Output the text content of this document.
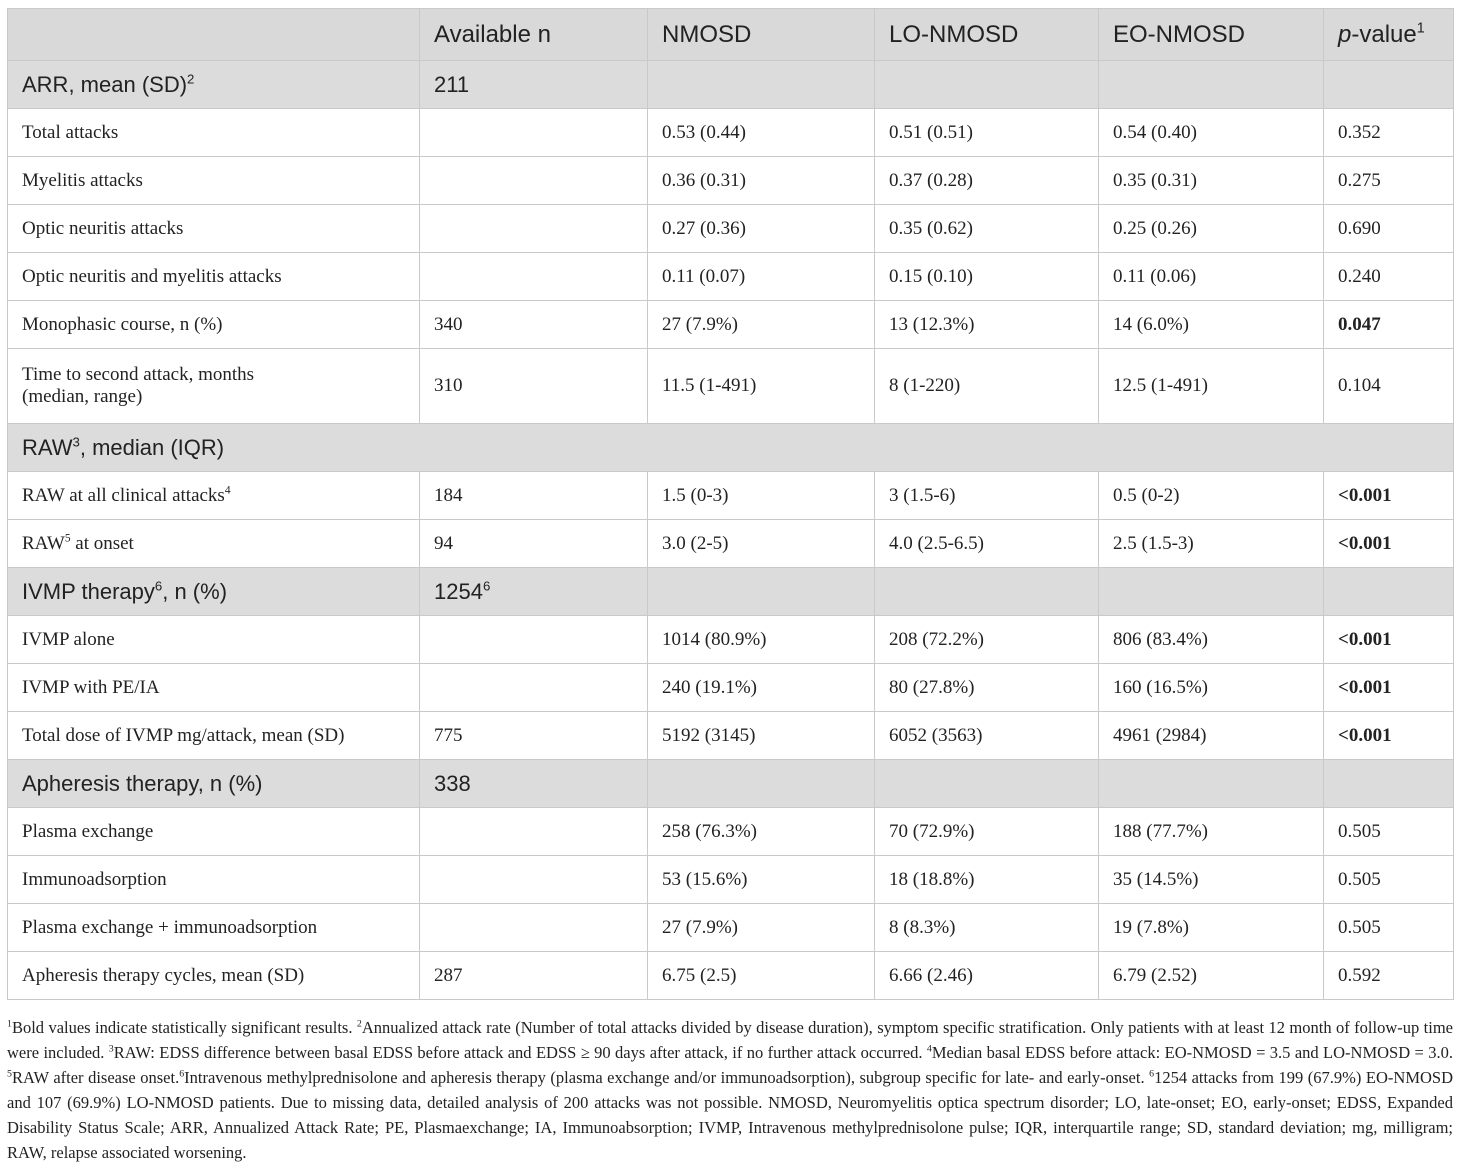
	Available n	NMOSD	LO-NMOSD	EO-NMOSD	p-value$^1$
ARR, mean (SD)$^2$	211				
Total attacks		0.53 (0.44)	0.51 (0.51)	0.54 (0.40)	0.352
Myelitis attacks		0.36 (0.31)	0.37 (0.28)	0.35 (0.31)	0.275
Optic neuritis attacks		0.27 (0.36)	0.35 (0.62)	0.25 (0.26)	0.690
Optic neuritis and myelitis attacks		0.11 (0.07)	0.15 (0.10)	0.11 (0.06)	0.240
Monophasic course, n (%)	340	27 (7.9%)	13 (12.3%)	14 (6.0%)	0.047

Time to second attack, months
(median, range)	310	11.5 (1-491)	8 (1-220)	12.5 (1-491)	0.104
RAW$^3$, median (IQR)					
RAW at all clinical attacks$^4$	184	1.5 (0-3)	3 (1.5-6)	0.5 (0-2)	<0.001
RAW$^5$ at onset	94	3.0 (2-5)	4.0 (2.5-6.5)	2.5 (1.5-3)	<0.001
IVMP therapy$^6$, n (%)	1254$^6$				
IVMP alone		1014 (80.9%)	208 (72.2%)	806 (83.4%)	<0.001
IVMP with PE/IA		240 (19.1%)	80 (27.8%)	160 (16.5%)	<0.001
Total dose of IVMP mg/attack, mean (SD)	775	5192 (3145)	6052 (3563)	4961 (2984)	<0.001
Apheresis therapy, n (%)	338				
Plasma exchange		258 (76.3%)	70 (72.9%)	188 (77.7%)	0.505
Immunoadsorption		53 (15.6%)	18 (18.8%)	35 (14.5%)	0.505
Plasma exchange + immunoadsorption		27 (7.9%)	8 (8.3%)	19 (7.8%)	0.505
Apheresis therapy cycles, mean (SD)	287	6.75 (2.5)	6.66 (2.46)	6.79 (2.52)	0.592
$^1$Bold values indicate statistically significant results. $^2$Annualized attack rate (Number of total attacks divided by disease duration), symptom specific stratification. Only patients with at least 12 month of follow-up time were included. $^3$RAW: EDSS difference between basal EDSS before attack and EDSS ≥ 90 days after attack, if no further attack occurred. $^4$Median basal EDSS before attack: EO-NMOSD = 3.5 and LO-NMOSD = 3.0. $^5$RAW after disease onset.$^6$Intravenous methylprednisolone and apheresis therapy (plasma exchange and/or immunoadsorption), subgroup specific for late- and early-onset. $^6$1254 attacks from 199 (67.9%) EO-NMOSD and 107 (69.9%) LO-NMOSD patients. Due to missing data, detailed analysis of 200 attacks was not possible. NMOSD, Neuromyelitis optica spectrum disorder; LO, late-onset; EO, early-onset; EDSS, Expanded Disability Status Scale; ARR, Annualized Attack Rate; PE, Plasmaexchange; IA, Immunoabsorption; IVMP, Intravenous methylprednisolone pulse; IQR, interquartile range; SD, standard deviation; mg, milligram; RAW, relapse associated worsening.
